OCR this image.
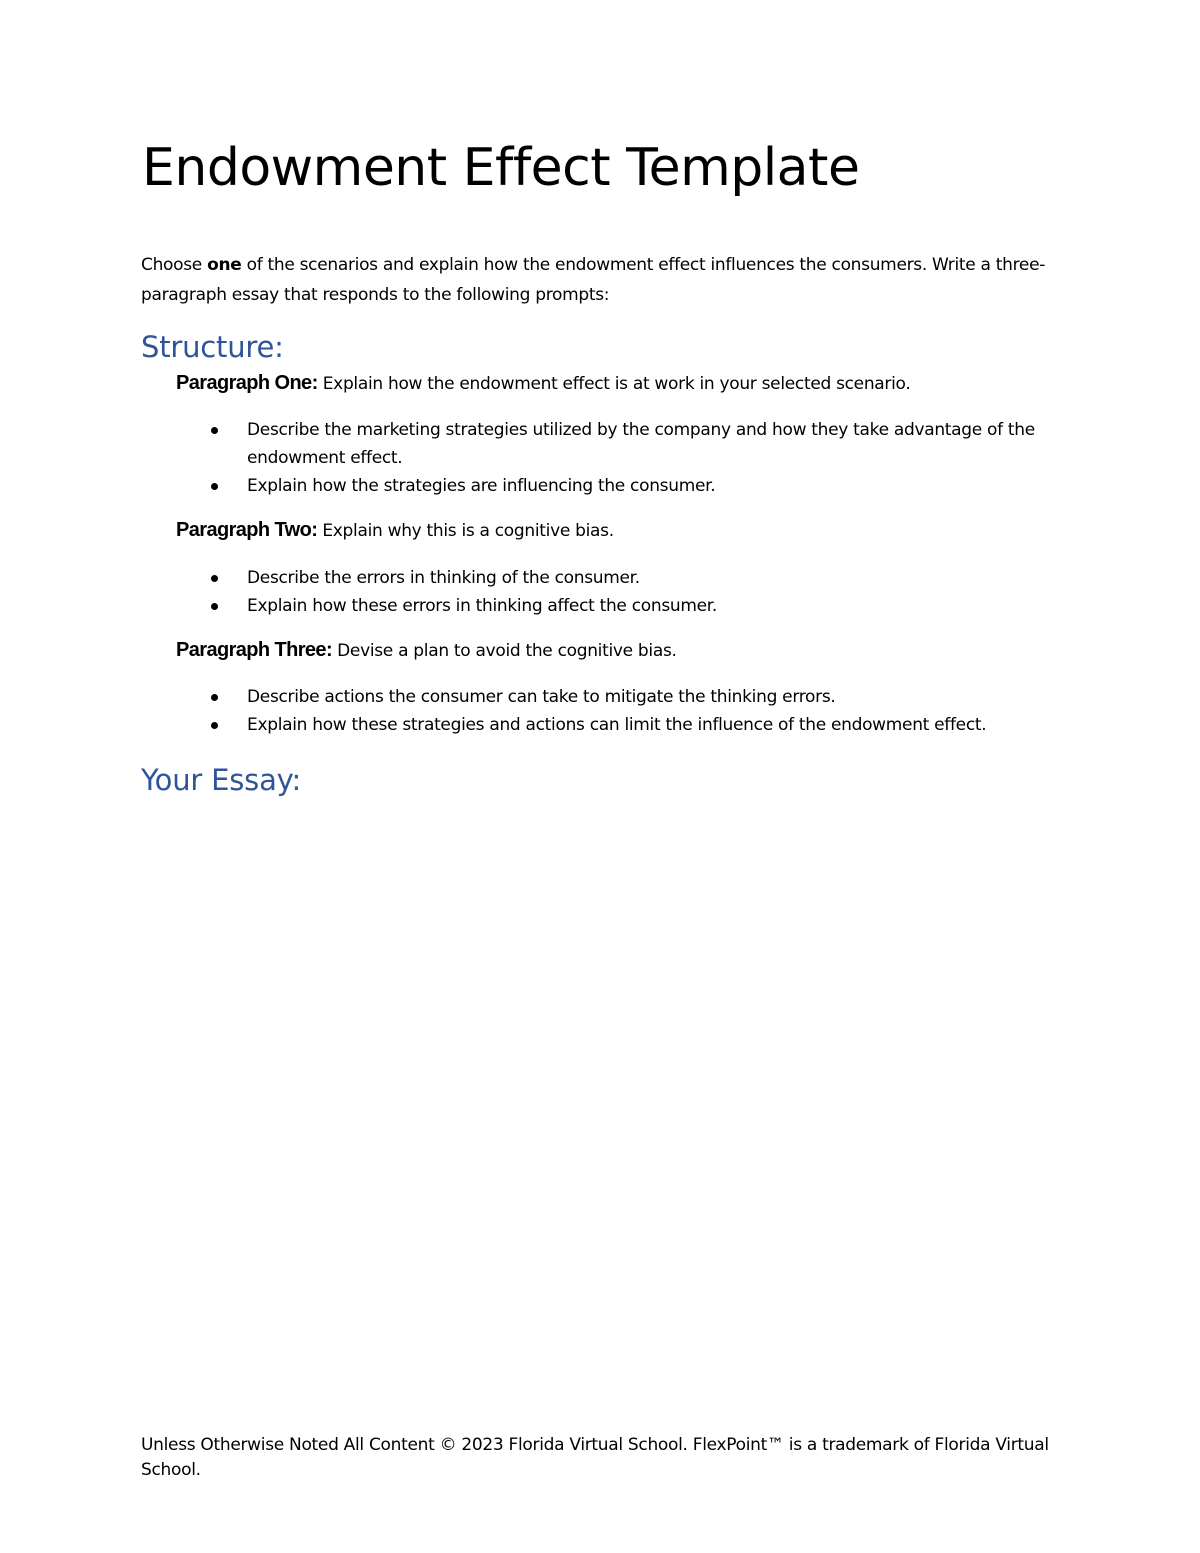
Endowment Effect Template

Choose one of the scenarios and explain how the endowment effect influences the consumers. Write a three-paragraph essay that responds to the following prompts:

Structure:

Paragraph One: Explain how the endowment effect is at work in your selected scenario.

Describe the marketing strategies utilized by the company and how they take advantage of the endowment effect.
Explain how the strategies are influencing the consumer.

Paragraph Two: Explain why this is a cognitive bias.

Describe the errors in thinking of the consumer.
Explain how these errors in thinking affect the consumer.

Paragraph Three: Devise a plan to avoid the cognitive bias.

Describe actions the consumer can take to mitigate the thinking errors.
Explain how these strategies and actions can limit the influence of the endowment effect.
Your Essay:

Unless Otherwise Noted All Content © 2023 Florida Virtual School. FlexPoint™ is a trademark of Florida Virtual School.
